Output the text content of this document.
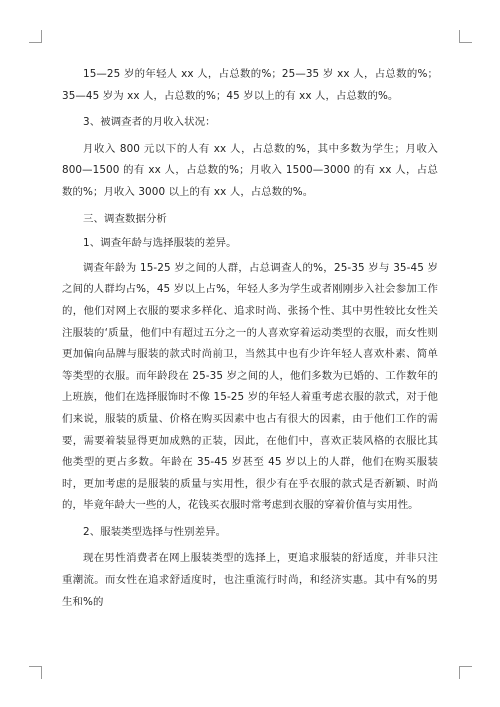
15—25 岁的年轻人 xx 人，占总数的%；25—35 岁 xx 人，占总数的%；35—45 岁为 xx 人，占总数的%；45 岁以上的有 xx 人，占总数的%。

3、被调查者的月收入状况：

月收入 800 元以下的人有 xx 人，占总数的%，其中多数为学生；月收入 800—1500 的有 xx 人，占总数的%；月收入 1500—3000 的有 xx 人，占总数的%；月收入 3000 以上的有 xx 人，占总数的%。

三、调查数据分析

1、调查年龄与选择服装的差异。

调查年龄为 15-25 岁之间的人群，占总调查人的%，25-35 岁与 35-45 岁之间的人群均占%，45 岁以上占%，年轻人多为学生或者刚刚步入社会参加工作的，他们对网上衣服的要求多样化、追求时尚、张扬个性、其中男性较比女性关注服装的‘质量，他们中有超过五分之一的人喜欢穿着运动类型的衣服，而女性则更加偏向品牌与服装的款式时尚前卫，当然其中也有少许年轻人喜欢朴素、简单等类型的衣服。而年龄段在 25-35 岁之间的人，他们多数为已婚的、工作数年的上班族，他们在选择服饰时不像 15-25 岁的年轻人着重考虑衣服的款式，对于他们来说，服装的质量、价格在购买因素中也占有很大的因素，由于他们工作的需要，需要着装显得更加成熟的正装，因此，在他们中，喜欢正装风格的衣服比其他类型的更占多数。年龄在 35-45 岁甚至 45 岁以上的人群，他们在购买服装时，更加考虑的是服装的质量与实用性，很少有在乎衣服的款式是否新颖、时尚的，毕竟年龄大一些的人，花钱买衣服时常考虑到衣服的穿着价值与实用性。

2、服装类型选择与性别差异。

现在男性消费者在网上服装类型的选择上，更追求服装的舒适度，并非只注重潮流。而女性在追求舒适度时，也注重流行时尚，和经济实惠。其中有%的男生和%的
